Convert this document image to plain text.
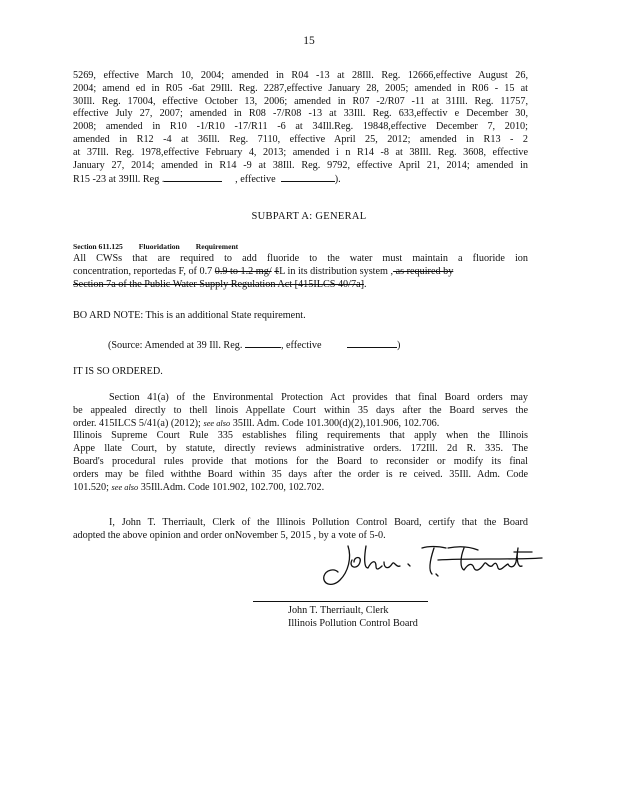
15
5269, effective March 10, 2004; amended in R04 -13 at 28Ill. Reg. 12666,effective August 26,
2004; amend ed in R05 -6at 29Ill. Reg. 2287,effective January 28, 2005; amended in R06 - 15 at
30Ill. Reg. 17004, effective October 13, 2006; amended in R07 -2/R07 -11 at 31Ill. Reg. 11757,
effective July 27, 2007; amended in R08 -7/R08 -13 at 33Ill. Reg. 633,effectiv e December 30,
2008; amended in R10 -1/R10 -17/R11 -6 at 34Ill.Reg. 19848,effective December 7, 2010;
amended in R12 -4 at 36Ill. Reg. 7110, effective April 25, 2012; amended in R13 - 2
at 37Ill. Reg. 1978,effective February 4, 2013; amended i n R14 -8 at 38Ill. Reg. 3608, effective
January 27, 2014; amended in R14 -9 at 38Ill. Reg. 9792, effective April 21, 2014; amended in
R15 -23 at 39Ill. Reg .	, effective	).
SUBPART A: GENERAL
Section 611.125 Fluoridation Requirement
All CWSs that are required to add fluoride to the water must maintain a fluoride ion
concentration, reportedas F, of 0.7 0.9 to 1.2 mg/ ℓL in its distribution system , as required by
Section 7a of the Public Water Supply Regulation Act [415ILCS 40/7a].
BO ARD NOTE: This is an additional State requirement.
(Source: Amended at 39 Ill. Reg.	, effective	)
IT IS SO ORDERED.
Section 41(a) of the Environmental Protection Act provides that final Board orders may
be appealed directly to thell linois Appellate Court within 35 days after the Board serves the
order. 415ILCS 5/41(a) (2012); see also 35Ill. Adm. Code 101.300(d)(2),101.906, 102.706.
Illinois Supreme Court Rule 335 establishes filing requirements that apply when the Illinois
Appe llate Court, by statute, directly reviews administrative orders. 172Ill. 2d R. 335. The
Board's procedural rules provide that motions for the Board to reconsider or modify its final
orders may be filed withthe Board within 35 days after the order is re ceived. 35Ill. Adm. Code
101.520; see also 35Ill.Adm. Code 101.902, 102.700, 102.702.
I, John T. Therriault, Clerk of the Illinois Pollution Control Board, certify that the Board
adopted the above opinion and order onNovember 5, 2015 , by a vote of 5-0.
John T. Therriault, Clerk
Illinois Pollution Control Board
